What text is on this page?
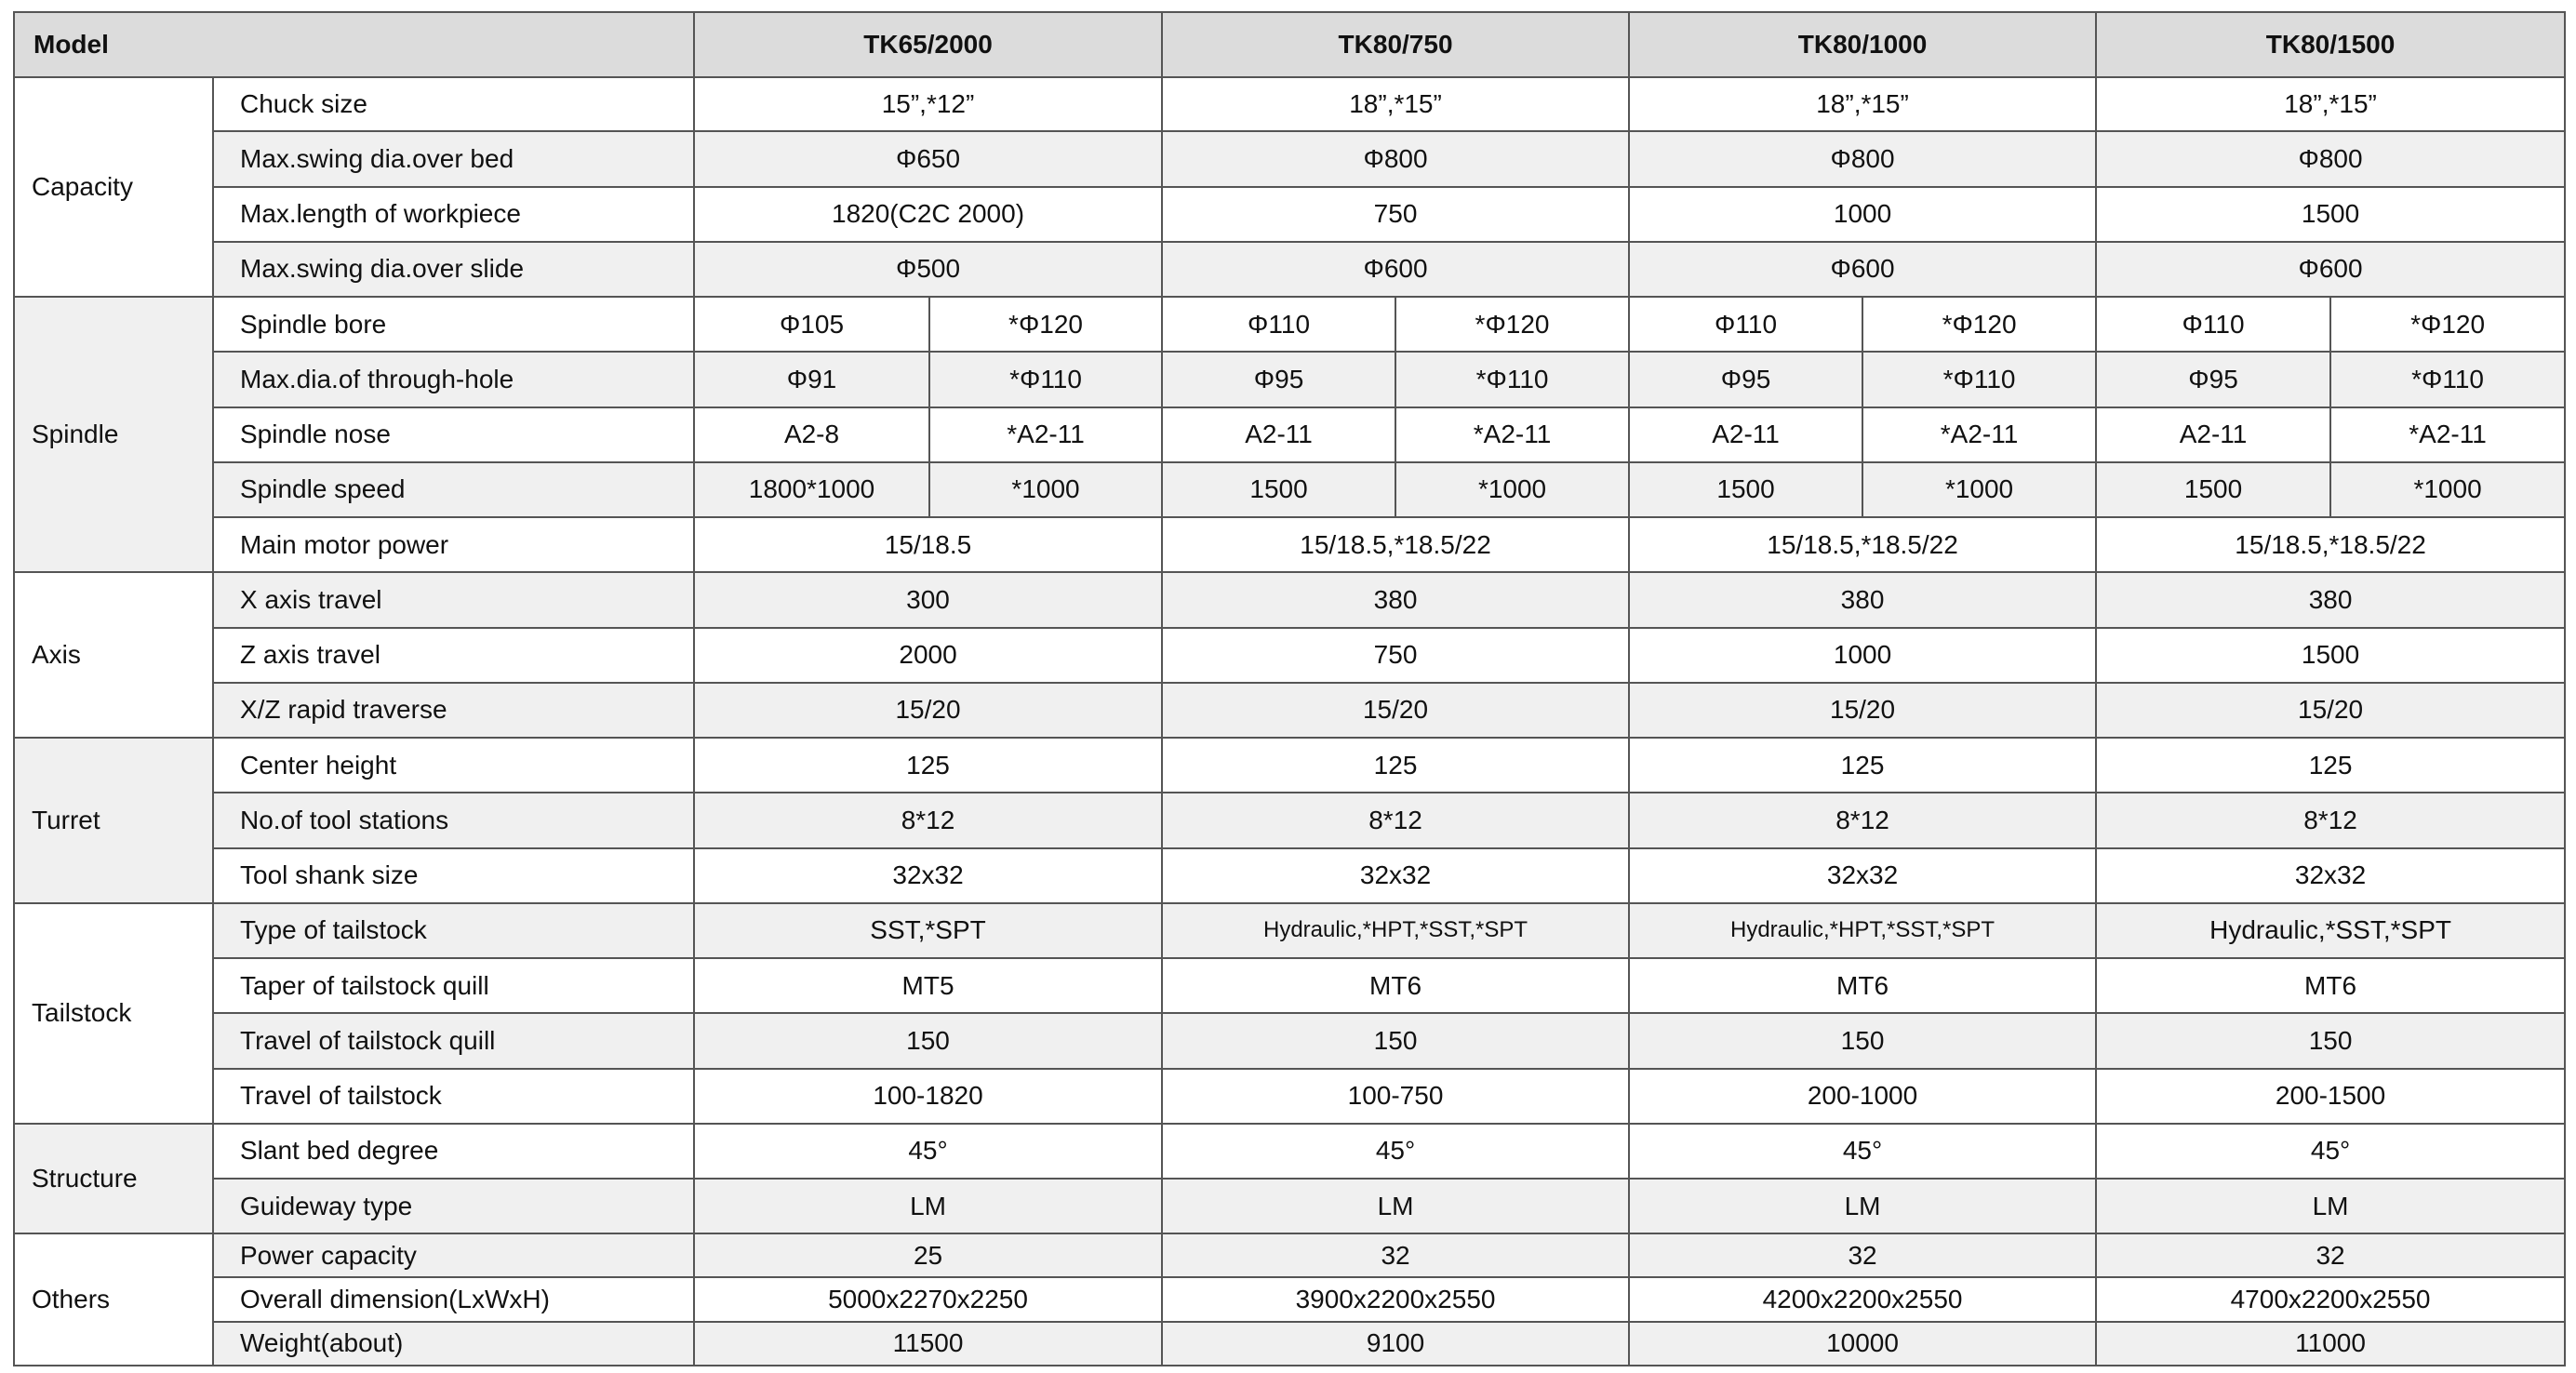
Model		TK65/2000		TK80/750		TK80/1000		TK80/1500	
Capacity	Chuck size	15”,*12”		18”,*15”		18”,*15”		18”,*15”	
	Max.swing dia.over bed	Φ650		Φ800		Φ800		Φ800	
	Max.length of workpiece	1820(C2C 2000)		750		1000		1500	
	Max.swing dia.over slide	Φ500		Φ600		Φ600		Φ600	
Spindle	Spindle bore	Φ105	*Φ120	Φ110	*Φ120	Φ110	*Φ120	Φ110	*Φ120
	Max.dia.of through-hole	Φ91	*Φ110	Φ95	*Φ110	Φ95	*Φ110	Φ95	*Φ110
	Spindle nose	A2-8	*A2-11	A2-11	*A2-11	A2-11	*A2-11	A2-11	*A2-11
	Spindle speed	1800*1000	*1000	1500	*1000	1500	*1000	1500	*1000
	Main motor power	15/18.5		15/18.5,*18.5/22		15/18.5,*18.5/22		15/18.5,*18.5/22	
Axis	X axis travel	300		380		380		380	
	Z axis travel	2000		750		1000		1500	
	X/Z rapid traverse	15/20		15/20		15/20		15/20	
Turret	Center height	125		125		125		125	
	No.of tool stations	8*12		8*12		8*12		8*12	
	Tool shank size	32x32		32x32		32x32		32x32	
Tailstock	Type of tailstock	SST,*SPT		Hydraulic,*HPT,*SST,*SPT		Hydraulic,*HPT,*SST,*SPT		Hydraulic,*SST,*SPT	
	Taper of tailstock quill	MT5		MT6		MT6		MT6	
	Travel of tailstock quill	150		150		150		150	
	Travel of tailstock	100-1820		100-750		200-1000		200-1500	
Structure	Slant bed degree	45°		45°		45°		45°	
	Guideway type	LM		LM		LM		LM	
Others	Power capacity	25		32		32		32	
	Overall dimension(LxWxH)	5000x2270x2250		3900x2200x2550		4200x2200x2550		4700x2200x2550	
	Weight(about)	11500		9100		10000		11000	
